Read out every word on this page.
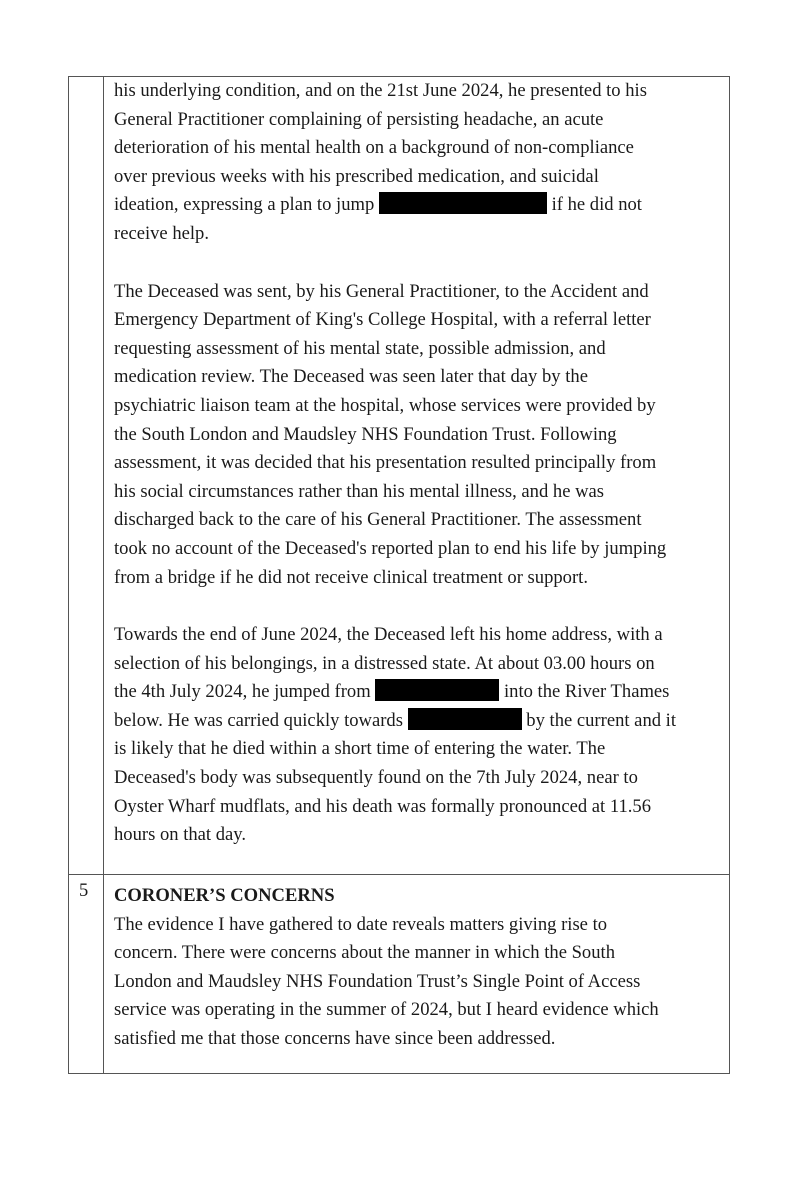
his underlying condition, and on the 21st June 2024, he presented to his
General Practitioner complaining of persisting headache, an acute
deterioration of his mental health on a background of non-compliance
over previous weeks with his prescribed medication, and suicidal
ideation, expressing a plan to jump	if he did not
receive help.

The Deceased was sent, by his General Practitioner, to the Accident and
Emergency Department of King's College Hospital, with a referral letter
requesting assessment of his mental state, possible admission, and
medication review. The Deceased was seen later that day by the
psychiatric liaison team at the hospital, whose services were provided by
the South London and Maudsley NHS Foundation Trust. Following
assessment, it was decided that his presentation resulted principally from
his social circumstances rather than his mental illness, and he was
discharged back to the care of his General Practitioner. The assessment
took no account of the Deceased's reported plan to end his life by jumping
from a bridge if he did not receive clinical treatment or support.

Towards the end of June 2024, the Deceased left his home address, with a
selection of his belongings, in a distressed state. At about 03.00 hours on
the 4th July 2024, he jumped from	into the River Thames
below. He was carried quickly towards	by the current and it
is likely that he died within a short time of entering the water. The
Deceased's body was subsequently found on the 7th July 2024, near to
Oyster Wharf mudflats, and his death was formally pronounced at 11.56
hours on that day.

5 CORONER’S CONCERNS
The evidence I have gathered to date reveals matters giving rise to
concern. There were concerns about the manner in which the South
London and Maudsley NHS Foundation Trust’s Single Point of Access
service was operating in the summer of 2024, but I heard evidence which
satisfied me that those concerns have since been addressed.
